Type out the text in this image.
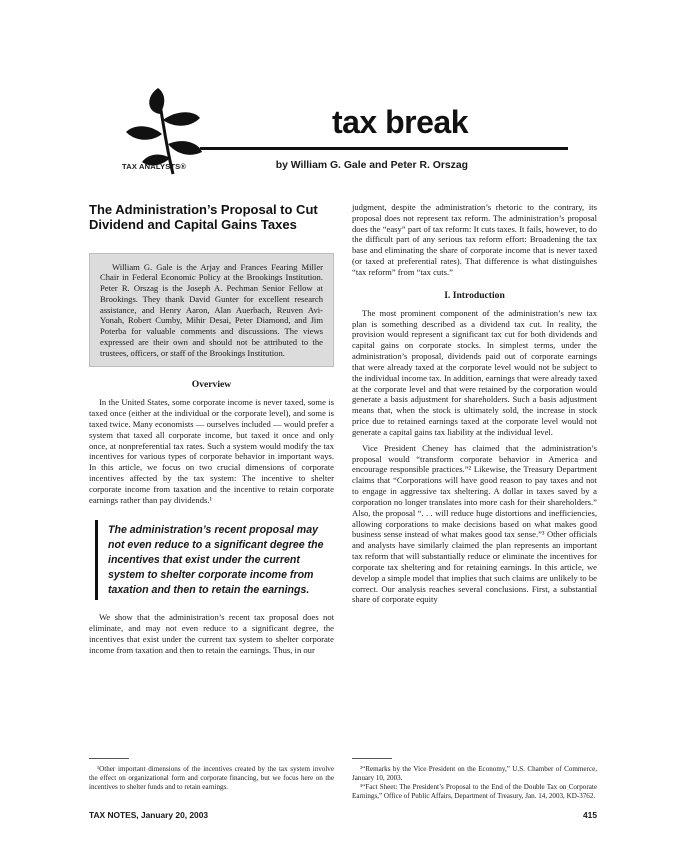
TAX ANALYSTS®
tax break
by William G. Gale and Peter R. Orszag
The Administration’s Proposal to Cut Dividend and Capital Gains Taxes
William G. Gale is the Arjay and Frances Fearing Miller Chair in Federal Economic Policy at the Brookings Institution. Peter R. Orszag is the Joseph A. Pechman Senior Fellow at Brookings. They thank David Gunter for excellent research assistance, and Henry Aaron, Alan Auerbach, Reuven Avi-Yonah, Robert Cumby, Mihir Desai, Peter Diamond, and Jim Poterba for valuable comments and discussions. The views expressed are their own and should not be attributed to the trustees, officers, or staff of the Brookings Institution.
Overview

In the United States, some corporate income is never taxed, some is taxed once (either at the individual or the corporate level), and some is taxed twice. Many economists — ourselves included — would prefer a system that taxed all corporate income, but taxed it once and only once, at nonpreferential tax rates. Such a system would modify the tax incentives for various types of corporate behavior in important ways. In this article, we focus on two crucial dimensions of corporate incentives affected by the tax system: The incentive to shelter corporate income from taxation and the incentive to retain corporate earnings rather than pay dividends.¹

The administration’s recent proposal may not even reduce to a significant degree the incentives that exist under the current system to shelter corporate income from taxation and then to retain the earnings.

We show that the administration’s recent tax proposal does not eliminate, and may not even reduce to a significant degree, the incentives that exist under the current tax system to shelter corporate income from taxation and then to retain the earnings. Thus, in our

judgment, despite the administration’s rhetoric to the contrary, its proposal does not represent tax reform. The administration’s proposal does the “easy” part of tax reform: It cuts taxes. It fails, however, to do the difficult part of any serious tax reform effort: Broadening the tax base and eliminating the share of corporate income that is never taxed (or taxed at preferential rates). That difference is what distinguishes “tax reform” from “tax cuts.”

I. Introduction

The most prominent component of the administration’s new tax plan is something described as a dividend tax cut. In reality, the provision would represent a significant tax cut for both dividends and capital gains on corporate stocks. In simplest terms, under the administration’s proposal, dividends paid out of corporate earnings that were already taxed at the corporate level would not be subject to the individual income tax. In addition, earnings that were already taxed at the corporate level and that were retained by the corporation would generate a basis adjustment for shareholders. Such a basis adjustment means that, when the stock is ultimately sold, the increase in stock price due to retained earnings taxed at the corporate level would not generate a capital gains tax liability at the individual level.

Vice President Cheney has claimed that the administration’s proposal would “transform corporate behavior in America and encourage responsible practices.”² Likewise, the Treasury Department claims that “Corporations will have good reason to pay taxes and not to engage in aggressive tax sheltering. A dollar in taxes saved by a corporation no longer translates into more cash for their shareholders.” Also, the proposal “. . . will reduce huge distortions and inefficiencies, allowing corporations to make decisions based on what makes good business sense instead of what makes good tax sense.”³ Other officials and analysts have similarly claimed the plan represents an important tax reform that will substantially reduce or eliminate the incentives for corporate tax sheltering and for retaining earnings. In this article, we develop a simple model that implies that such claims are unlikely to be correct. Our analysis reaches several conclusions. First, a substantial share of corporate equity

¹Other important dimensions of the incentives created by the tax system involve the effect on organizational form and corporate financing, but we focus here on the incentives to shelter funds and to retain earnings.

²“Remarks by the Vice President on the Economy,” U.S. Chamber of Commerce, January 10, 2003.

³“Fact Sheet: The President’s Proposal to the End of the Double Tax on Corporate Earnings,” Office of Public Affairs, Department of Treasury, Jan. 14, 2003, KD-3762.

TAX NOTES, January 20, 2003	415
